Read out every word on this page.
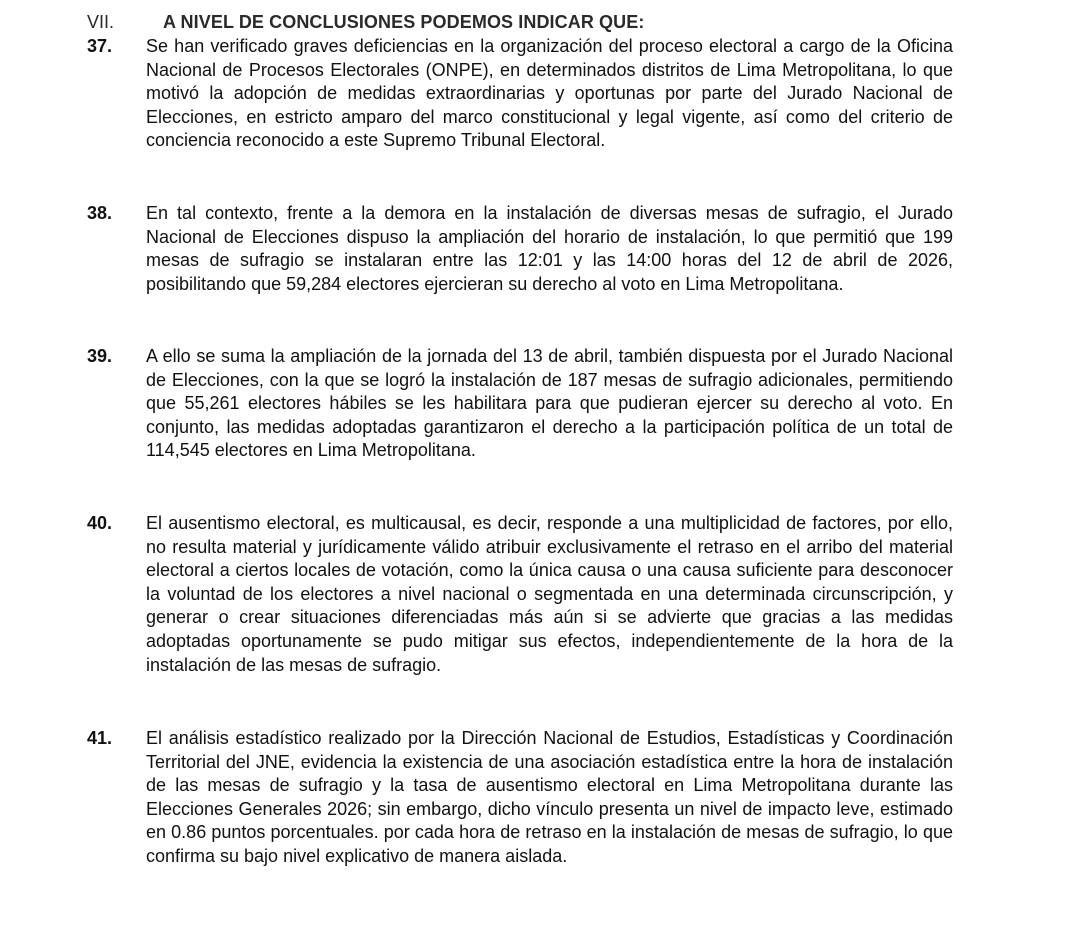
VII.	A NIVEL DE CONCLUSIONES PODEMOS INDICAR QUE:
37. Se han verificado graves deficiencias en la organización del proceso electoral a cargo de la Oficina Nacional de Procesos Electorales (ONPE), en determinados distritos de Lima Metropolitana, lo que motivó la adopción de medidas extraordinarias y oportunas por parte del Jurado Nacional de Elecciones, en estricto amparo del marco constitucional y legal vigente, así como del criterio de conciencia reconocido a este Supremo Tribunal Electoral.
38. En tal contexto, frente a la demora en la instalación de diversas mesas de sufragio, el Jurado Nacional de Elecciones dispuso la ampliación del horario de instalación, lo que permitió que 199 mesas de sufragio se instalaran entre las 12:01 y las 14:00 horas del 12 de abril de 2026, posibilitando que 59,284 electores ejercieran su derecho al voto en Lima Metropolitana.
39. A ello se suma la ampliación de la jornada del 13 de abril, también dispuesta por el Jurado Nacional de Elecciones, con la que se logró la instalación de 187 mesas de sufragio adicionales, permitiendo que 55,261 electores hábiles se les habilitara para que pudieran ejercer su derecho al voto. En conjunto, las medidas adoptadas garantizaron el derecho a la participación política de un total de 114,545 electores en Lima Metropolitana.
40. El ausentismo electoral, es multicausal, es decir, responde a una multiplicidad de factores, por ello, no resulta material y jurídicamente válido atribuir exclusivamente el retraso en el arribo del material electoral a ciertos locales de votación, como la única causa o una causa suficiente para desconocer la voluntad de los electores a nivel nacional o segmentada en una determinada circunscripción, y generar o crear situaciones diferenciadas más aún si se advierte que gracias a las medidas adoptadas oportunamente se pudo mitigar sus efectos, independientemente de la hora de la instalación de las mesas de sufragio.
41. El análisis estadístico realizado por la Dirección Nacional de Estudios, Estadísticas y Coordinación Territorial del JNE, evidencia la existencia de una asociación estadística entre la hora de instalación de las mesas de sufragio y la tasa de ausentismo electoral en Lima Metropolitana durante las Elecciones Generales 2026; sin embargo, dicho vínculo presenta un nivel de impacto leve, estimado en 0.86 puntos porcentuales. por cada hora de retraso en la instalación de mesas de sufragio, lo que confirma su bajo nivel explicativo de manera aislada.
